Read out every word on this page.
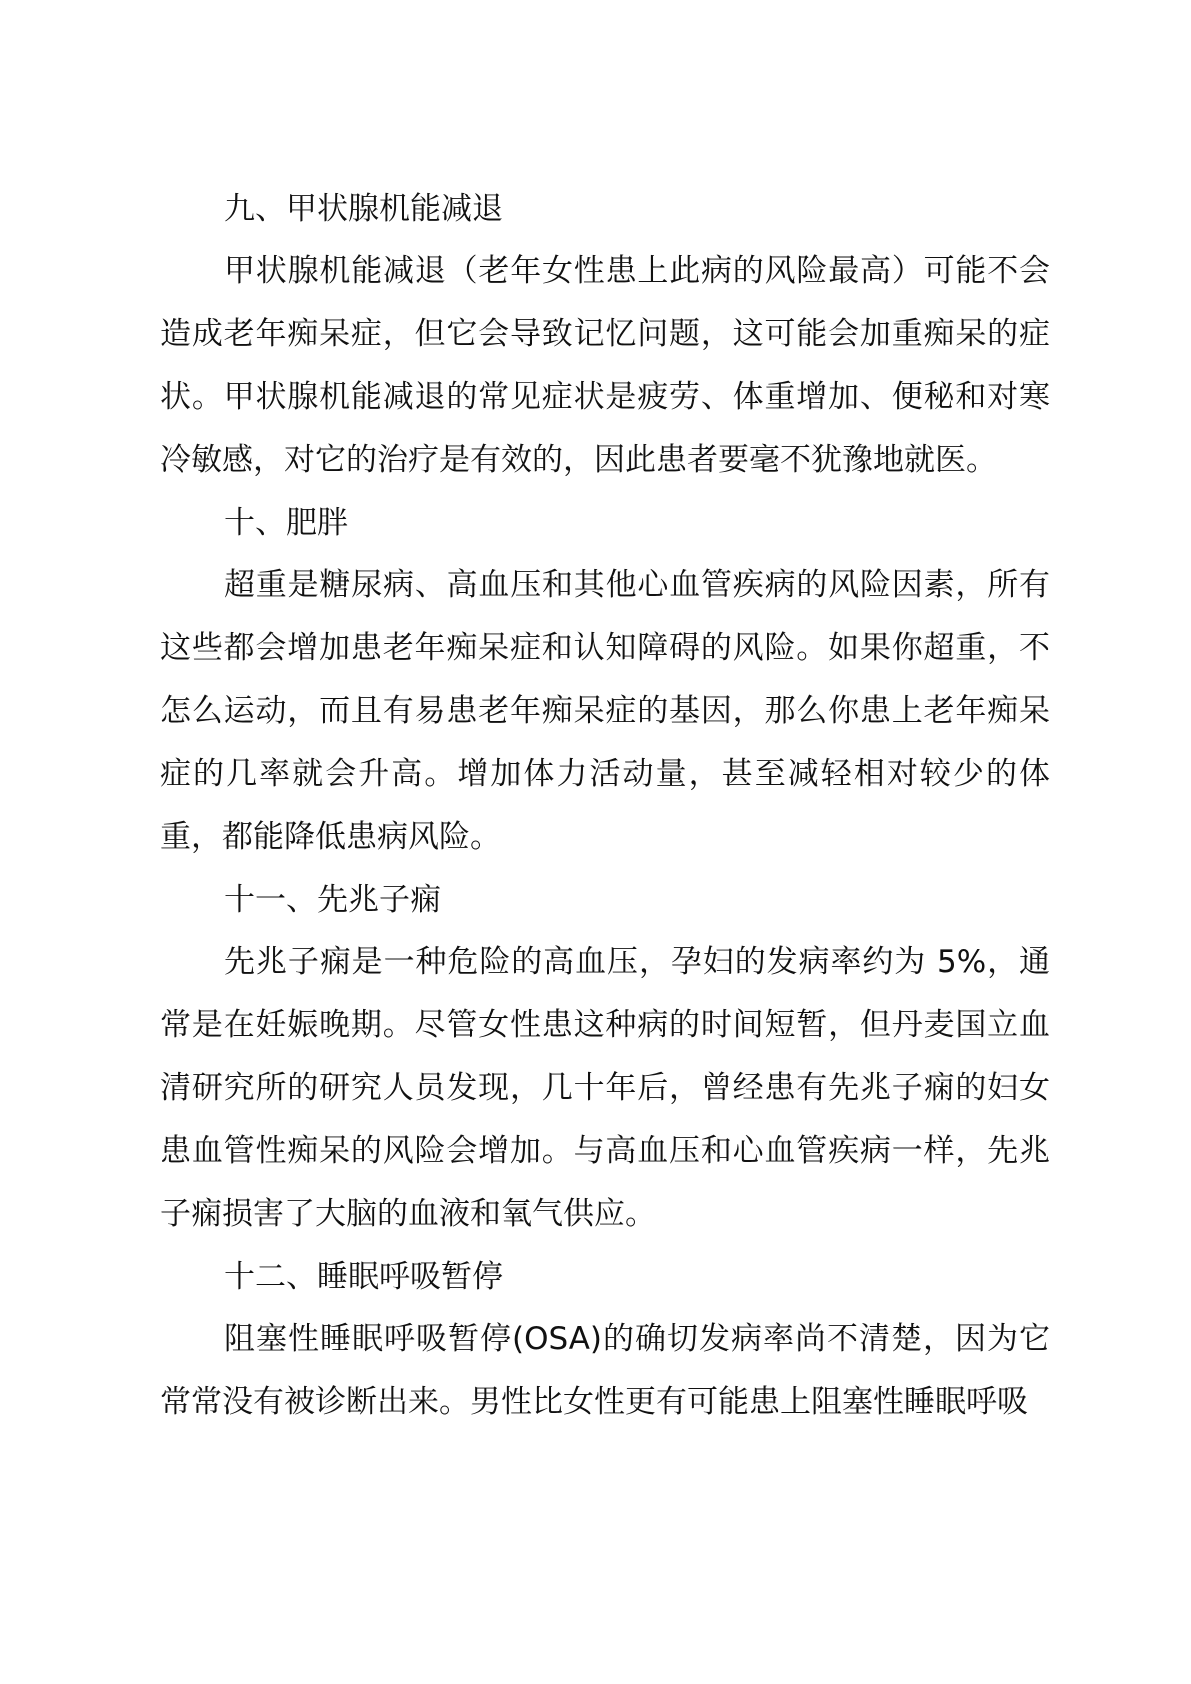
九、甲状腺机能减退

甲状腺机能减退（老年女性患上此病的风险最高）可能不会造成老年痴呆症，但它会导致记忆问题，这可能会加重痴呆的症状。甲状腺机能减退的常见症状是疲劳、体重增加、便秘和对寒冷敏感，对它的治疗是有效的，因此患者要毫不犹豫地就医。

十、肥胖

超重是糖尿病、高血压和其他心血管疾病的风险因素，所有这些都会增加患老年痴呆症和认知障碍的风险。如果你超重，不怎么运动，而且有易患老年痴呆症的基因，那么你患上老年痴呆症的几率就会升高。增加体力活动量，甚至减轻相对较少的体重，都能降低患病风险。

十一、先兆子痫

先兆子痫是一种危险的高血压，孕妇的发病率约为 5%，通常是在妊娠晚期。尽管女性患这种病的时间短暂，但丹麦国立血清研究所的研究人员发现，几十年后，曾经患有先兆子痫的妇女患血管性痴呆的风险会增加。与高血压和心血管疾病一样，先兆子痫损害了大脑的血液和氧气供应。

十二、睡眠呼吸暂停

阻塞性睡眠呼吸暂停(OSA)的确切发病率尚不清楚，因为它常常没有被诊断出来。男性比女性更有可能患上阻塞性睡眠呼吸
